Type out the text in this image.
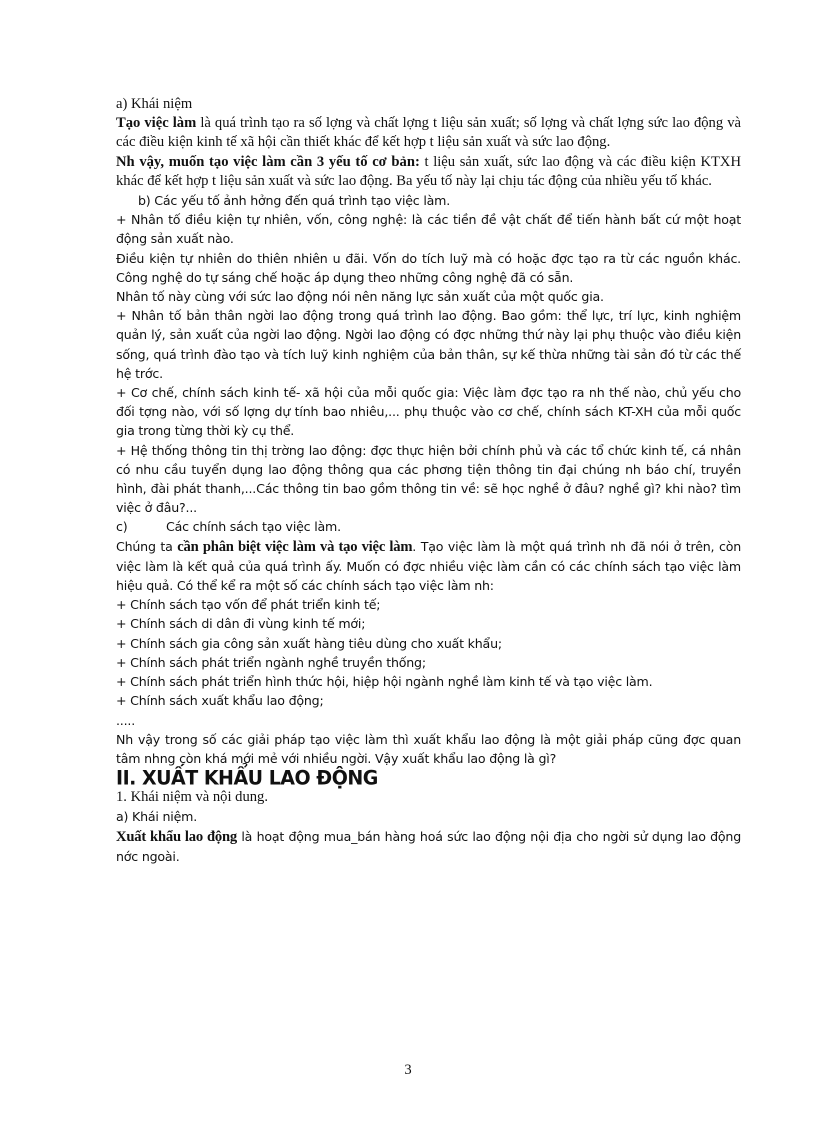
a) Khái niệm

Tạo việc làm là quá trình tạo ra số lợng và chất lợng t liệu sản xuất; số lợng và chất lợng sức lao động và các điều kiện kinh tế xã hội cần thiết khác để kết hợp t liệu sản xuất và sức lao động.

Nh vậy, muốn tạo việc làm cần 3 yếu tố cơ bản: t liệu sản xuất, sức lao động và các điều kiện KTXH khác để kết hợp t liệu sản xuất và sức lao động. Ba yếu tố này lại chịu tác động của nhiều yếu tố khác.

b) Các yếu tố ảnh hởng đến quá trình tạo việc làm.

+ Nhân tố điều kiện tự nhiên, vốn, công nghệ: là các tiền đề vật chất để tiến hành bất cứ một hoạt động sản xuất nào.

Điều kiện tự nhiên do thiên nhiên u đãi. Vốn do tích luỹ mà có hoặc đợc tạo ra từ các nguồn khác. Công nghệ do tự sáng chế hoặc áp dụng theo những công nghệ đã có sẵn.

Nhân tố này cùng với sức lao động nói nên năng lực sản xuất của một quốc gia.

+ Nhân tố bản thân ngời lao động trong quá trình lao động. Bao gồm: thể lực, trí lực, kinh nghiệm quản lý, sản xuất của ngời lao động. Ngời lao động có đợc những thứ này lại phụ thuộc vào điều kiện sống, quá trình đào tạo và tích luỹ kinh nghiệm của bản thân, sự kế thừa những tài sản đó từ các thế hệ trớc.

+ Cơ chế, chính sách kinh tế- xã hội của mỗi quốc gia: Việc làm đợc tạo ra nh thế nào, chủ yếu cho đối tợng nào, với số lợng dự tính bao nhiêu,... phụ thuộc vào cơ chế, chính sách KT-XH của mỗi quốc gia trong từng thời kỳ cụ thể.

+ Hệ thống thông tin thị trờng lao động: đợc thực hiện bởi chính phủ và các tổ chức kinh tế, cá nhân có nhu cầu tuyển dụng lao động thông qua các phơng tiện thông tin đại chúng nh báo chí, truyền hình, đài phát thanh,...Các thông tin bao gồm thông tin về: sẽ học nghề ở đâu? nghề gì? khi nào? tìm việc ở đâu?...

c)	Các chính sách tạo việc làm.

Chúng ta cần phân biệt việc làm và tạo việc làm. Tạo việc làm là một quá trình nh đã nói ở trên, còn việc làm là kết quả của quá trình ấy. Muốn có đợc nhiều việc làm cần có các chính sách tạo việc làm hiệu quả. Có thể kể ra một số các chính sách tạo việc làm nh:

+ Chính sách tạo vốn để phát triển kinh tế;

+ Chính sách di dân đi vùng kinh tế mới;

+ Chính sách gia công sản xuất hàng tiêu dùng cho xuất khẩu;

+ Chính sách phát triển ngành nghề truyền thống;

+ Chính sách phát triển hình thức hội, hiệp hội ngành nghề làm kinh tế và tạo việc làm.

+ Chính sách xuất khẩu lao động;

.....

Nh vậy trong số các giải pháp tạo việc làm thì xuất khẩu lao động là một giải pháp cũng đợc quan tâm nhng còn khá mới mẻ với nhiều ngời. Vậy xuất khẩu lao động là gì?

II. XUẤT KHẨU LAO ĐỘNG

1. Khái niệm và nội dung.

a) Khái niệm.

Xuất khẩu lao động là hoạt động mua_bán hàng hoá sức lao động nội địa cho ngời sử dụng lao động nớc ngoài.

3
